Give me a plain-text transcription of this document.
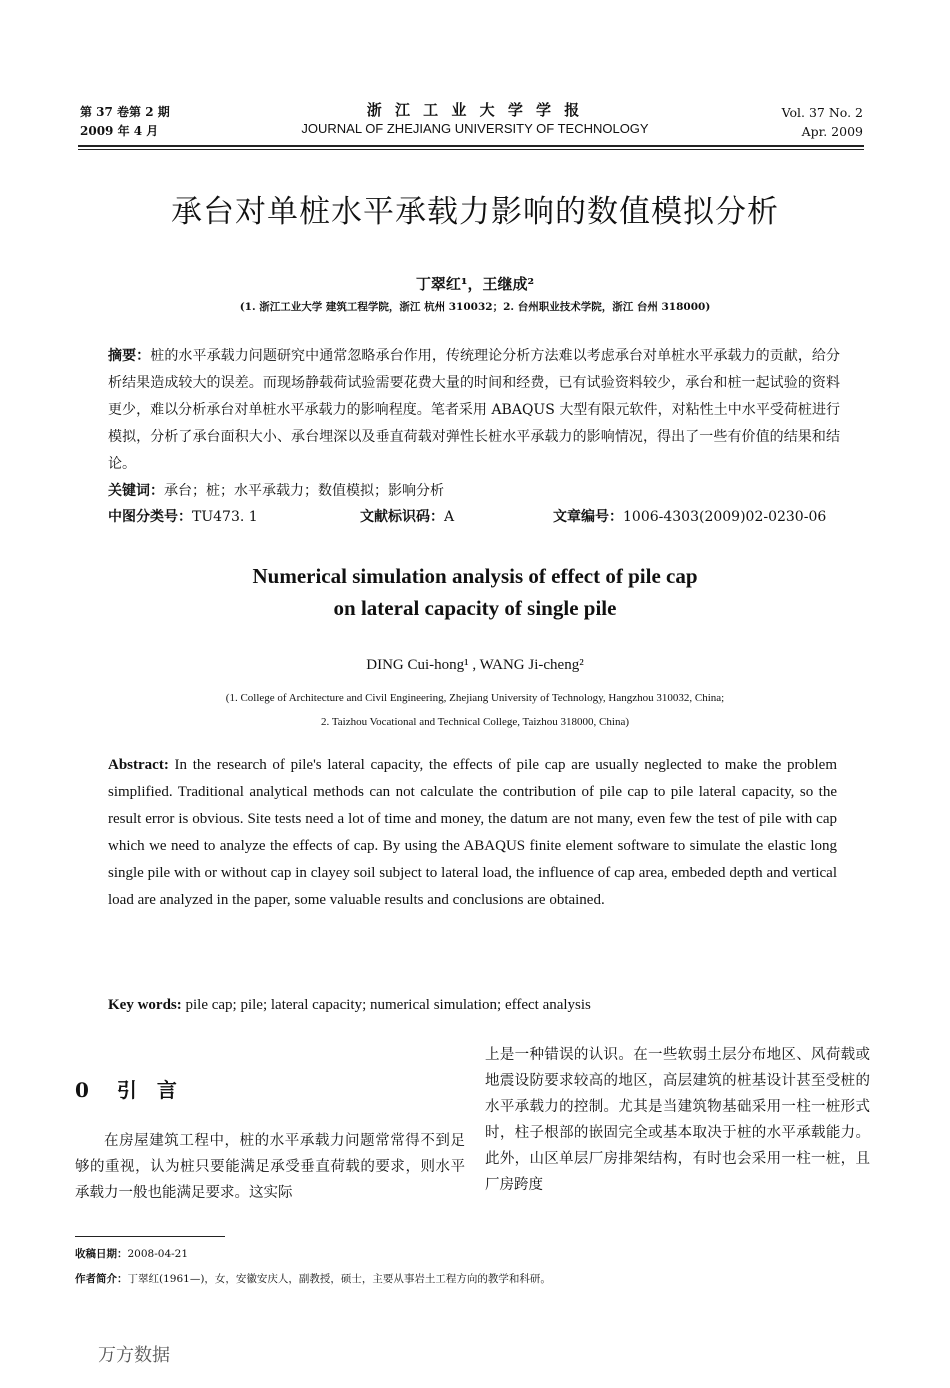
第 37 卷第 2 期
2009 年 4 月
浙 江 工 业 大 学 学 报
JOURNAL OF ZHEJIANG UNIVERSITY OF TECHNOLOGY
Vol. 37 No. 2
Apr. 2009
承台对单桩水平承载力影响的数值模拟分析
丁翠红¹，王继成²
(1. 浙江工业大学 建筑工程学院，浙江 杭州 310032；2. 台州职业技术学院，浙江 台州 318000)
摘要：桩的水平承载力问题研究中通常忽略承台作用，传统理论分析方法难以考虑承台对单桩水平承载力的贡献，给分析结果造成较大的误差。而现场静载荷试验需要花费大量的时间和经费，已有试验资料较少，承台和桩一起试验的资料更少，难以分析承台对单桩水平承载力的影响程度。笔者采用 ABAQUS 大型有限元软件，对粘性土中水平受荷桩进行模拟，分析了承台面积大小、承台埋深以及垂直荷载对弹性长桩水平承载力的影响情况，得出了一些有价值的结果和结论。
关键词：承台；桩；水平承载力；数值模拟；影响分析
中图分类号：TU473. 1	文献标识码：A	文章编号：1006-4303(2009)02-0230-06
Numerical simulation analysis of effect of pile cap
on lateral capacity of single pile
DING Cui-hong¹ , WANG Ji-cheng²
(1. College of Architecture and Civil Engineering, Zhejiang University of Technology, Hangzhou 310032, China;
2. Taizhou Vocational and Technical College, Taizhou 318000, China)
Abstract: In the research of pile's lateral capacity, the effects of pile cap are usually neglected to make the problem simplified. Traditional analytical methods can not calculate the contribution of pile cap to pile lateral capacity, so the result error is obvious. Site tests need a lot of time and money, the datum are not many, even few the test of pile with cap which we need to analyze the effects of cap. By using the ABAQUS finite element software to simulate the elastic long single pile with or without cap in clayey soil subject to lateral load, the influence of cap area, embeded depth and vertical load are analyzed in the paper, some valuable results and conclusions are obtained.
Key words: pile cap; pile; lateral capacity; numerical simulation; effect analysis
0 引言
在房屋建筑工程中，桩的水平承载力问题常常得不到足够的重视，认为桩只要能满足承受垂直荷载的要求，则水平承载力一般也能满足要求。这实际
上是一种错误的认识。在一些软弱土层分布地区、风荷载或地震设防要求较高的地区，高层建筑的桩基设计甚至受桩的水平承载力的控制。尤其是当建筑物基础采用一柱一桩形式时，柱子根部的嵌固完全或基本取决于桩的水平承载能力。此外，山区单层厂房排架结构，有时也会采用一柱一桩，且厂房跨度
收稿日期：2008-04-21
作者简介：丁翠红(1961—)，女，安徽安庆人，副教授，硕士，主要从事岩土工程方向的教学和科研。
万方数据
